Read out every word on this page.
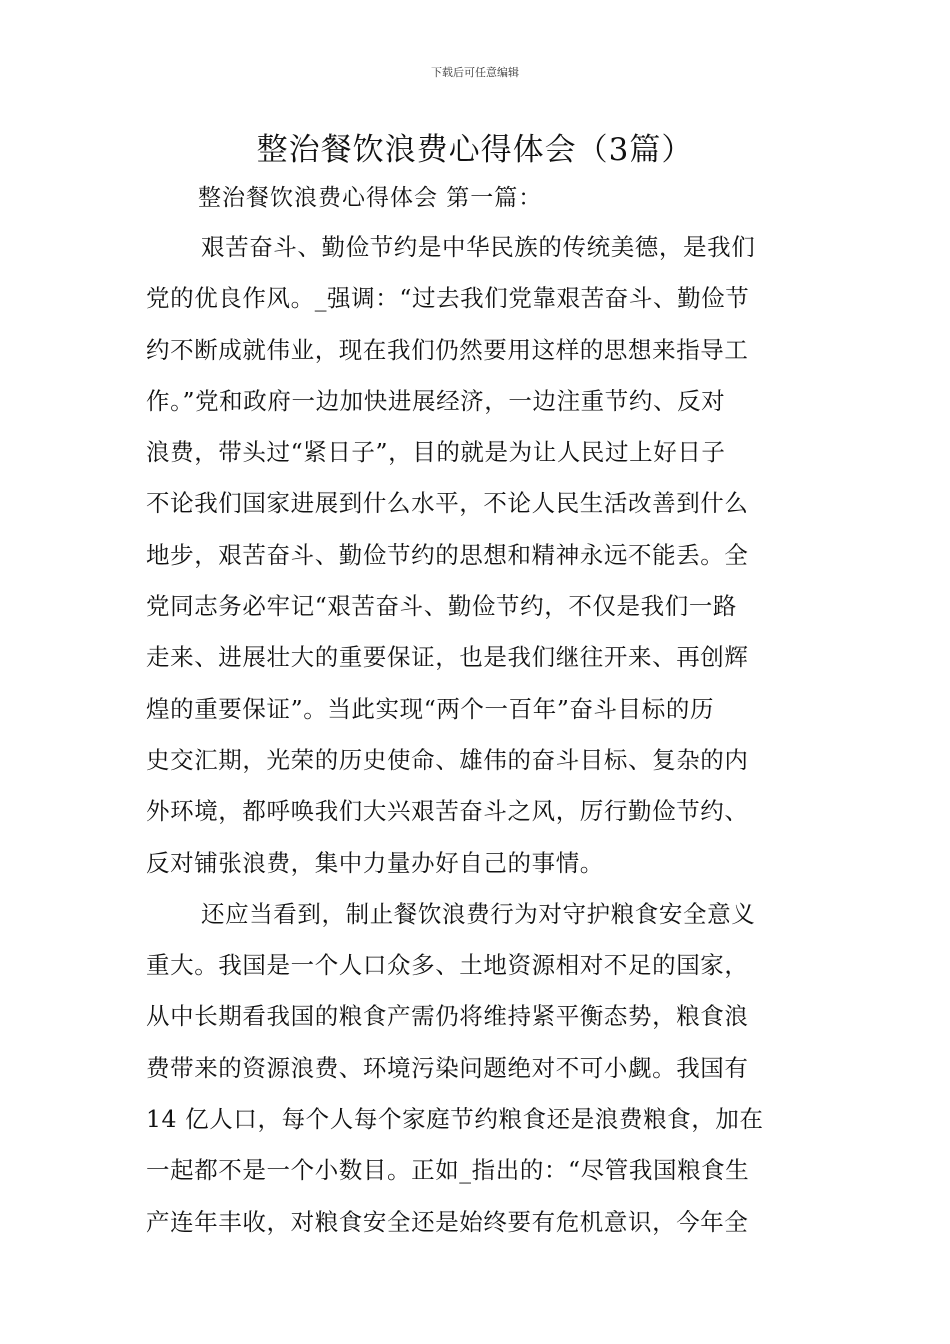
下载后可任意编辑
整治餐饮浪费心得体会（3篇）
整治餐饮浪费心得体会 第一篇：
艰苦奋斗、勤俭节约是中华民族的传统美德，是我们
党的优良作风。_强调：“过去我们党靠艰苦奋斗、勤俭节
约不断成就伟业，现在我们仍然要用这样的思想来指导工
作。”党和政府一边加快进展经济，一边注重节约、反对
浪费，带头过“紧日子”，目的就是为让人民过上好日子
不论我们国家进展到什么水平，不论人民生活改善到什么
地步，艰苦奋斗、勤俭节约的思想和精神永远不能丢。全
党同志务必牢记“艰苦奋斗、勤俭节约，不仅是我们一路
走来、进展壮大的重要保证，也是我们继往开来、再创辉
煌的重要保证”。当此实现“两个一百年”奋斗目标的历
史交汇期，光荣的历史使命、雄伟的奋斗目标、复杂的内
外环境，都呼唤我们大兴艰苦奋斗之风，厉行勤俭节约、
反对铺张浪费，集中力量办好自己的事情。
还应当看到，制止餐饮浪费行为对守护粮食安全意义
重大。我国是一个人口众多、土地资源相对不足的国家，
从中长期看我国的粮食产需仍将维持紧平衡态势，粮食浪
费带来的资源浪费、环境污染问题绝对不可小觑。我国有
14 亿人口，每个人每个家庭节约粮食还是浪费粮食，加在
一起都不是一个小数目。正如_指出的：“尽管我国粮食生
产连年丰收，对粮食安全还是始终要有危机意识，今年全
